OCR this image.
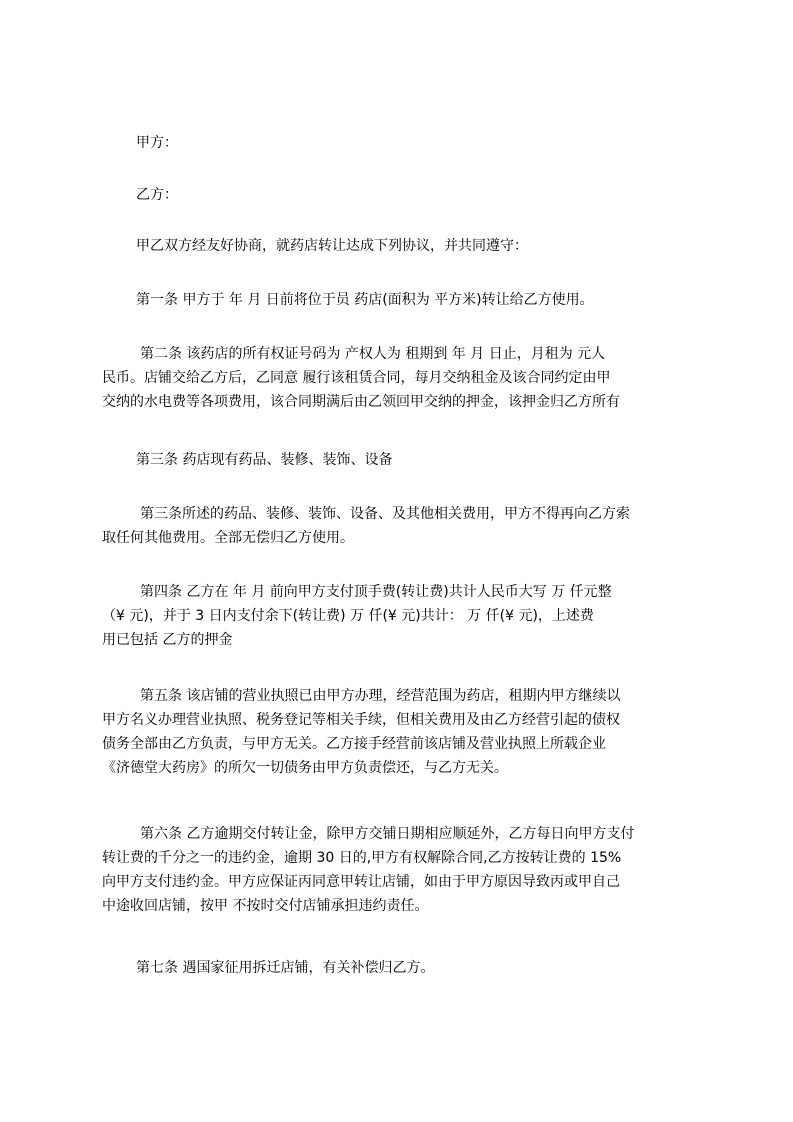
甲方：
乙方：
甲乙双方经友好协商，就药店转让达成下列协议，并共同遵守：
第一条 甲方于 年 月 日前将位于员 药店(面积为 平方米)转让给乙方使用。
第二条 该药店的所有权证号码为 产权人为 租期到 年 月 日止，月租为 元人
民币。店铺交给乙方后，乙同意 履行该租赁合同，每月交纳租金及该合同约定由甲
交纳的水电费等各项费用，该合同期满后由乙领回甲交纳的押金，该押金归乙方所有
第三条 药店现有药品、装修、装饰、设备
第三条所述的药品、装修、装饰、设备、及其他相关费用，甲方不得再向乙方索
取任何其他费用。全部无偿归乙方使用。
第四条 乙方在 年 月 前向甲方支付顶手费(转让费)共计人民币大写 万 仟元整
（¥ 元)，并于 3 日内支付余下(转让费) 万 仟(¥ 元)共计： 万 仟(¥ 元)，上述费
用已包括 乙方的押金
第五条 该店铺的营业执照已由甲方办理，经营范围为药店，租期内甲方继续以
甲方名义办理营业执照、税务登记等相关手续，但相关费用及由乙方经营引起的债权
债务全部由乙方负责，与甲方无关。乙方接手经营前该店铺及营业执照上所载企业
《济德堂大药房》的所欠一切债务由甲方负责偿还，与乙方无关。
第六条 乙方逾期交付转让金，除甲方交铺日期相应顺延外，乙方每日向甲方支付
转让费的千分之一的违约金，逾期 30 日的,甲方有权解除合同,乙方按转让费的 15%
向甲方支付违约金。甲方应保证丙同意甲转让店铺，如由于甲方原因导致丙或甲自己
中途收回店铺，按甲 不按时交付店铺承担违约责任。
第七条 遇国家征用拆迁店铺，有关补偿归乙方。
